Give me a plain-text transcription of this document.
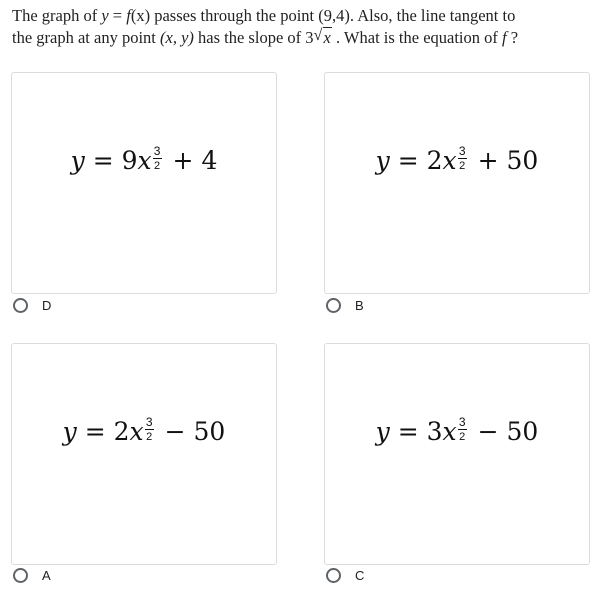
The graph of y = f(x) passes through the point (9,4). Also, the line tangent to
the graph at any point (x, y) has the slope of 3 √ x . What is the equation of f ?
$y = 9x \frac{3}{2} + 4$
D
$y = 2x \frac{3}{2} + 50$
B
$y = 2x \frac{3}{2} - 50$
A
$y = 3x \frac{3}{2} - 50$
C
